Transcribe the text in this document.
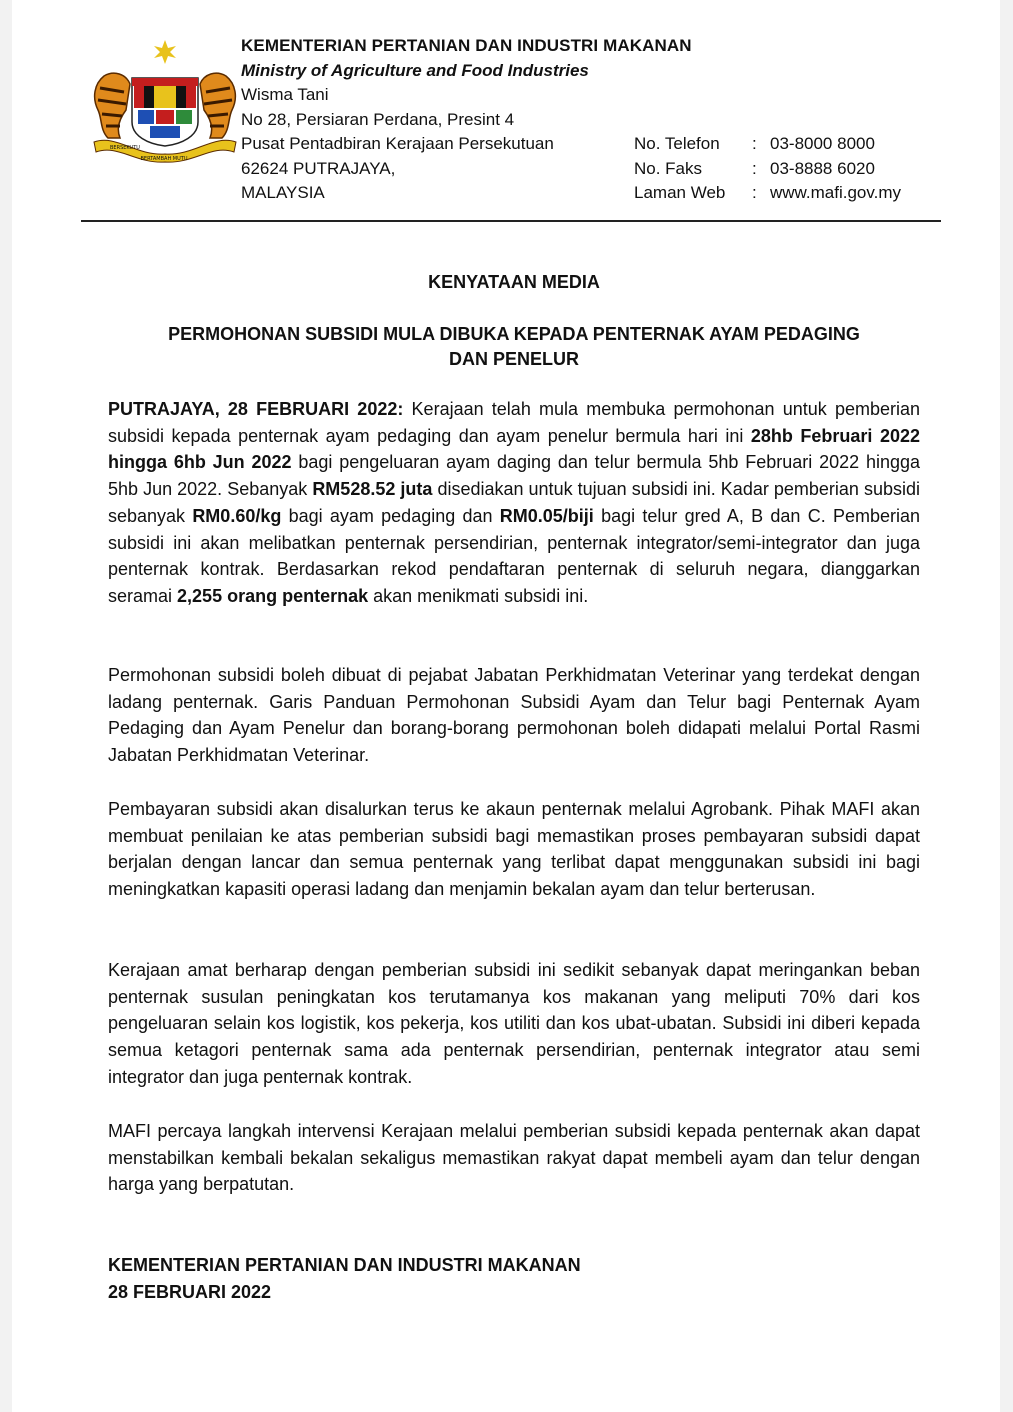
BERSEKUTU
BERTAMBAH MUTU
KEMENTERIAN PERTANIAN DAN INDUSTRI MAKANAN
Ministry of Agriculture and Food Industries
Wisma Tani
No 28, Persiaran Perdana, Presint 4
Pusat Pentadbiran Kerajaan Persekutuan
62624 PUTRAJAYA,
MALAYSIA
No. Telefon	: 03-8000 8000
No. Faks	: 03-8888 6020
Laman Web	: www.mafi.gov.my
KENYATAAN MEDIA
PERMOHONAN SUBSIDI MULA DIBUKA KEPADA PENTERNAK AYAM PEDAGING
DAN PENELUR

PUTRAJAYA, 28 FEBRUARI 2022: Kerajaan telah mula membuka permohonan untuk pemberian subsidi kepada penternak ayam pedaging dan ayam penelur bermula hari ini 28hb Februari 2022 hingga 6hb Jun 2022 bagi pengeluaran ayam daging dan telur bermula 5hb Februari 2022 hingga 5hb Jun 2022. Sebanyak RM528.52 juta disediakan untuk tujuan subsidi ini. Kadar pemberian subsidi sebanyak RM0.60/kg bagi ayam pedaging dan RM0.05/biji bagi telur gred A, B dan C. Pemberian subsidi ini akan melibatkan penternak persendirian, penternak integrator/semi-integrator dan juga penternak kontrak. Berdasarkan rekod pendaftaran penternak di seluruh negara, dianggarkan seramai 2,255 orang penternak akan menikmati subsidi ini.

Permohonan subsidi boleh dibuat di pejabat Jabatan Perkhidmatan Veterinar yang terdekat dengan ladang penternak. Garis Panduan Permohonan Subsidi Ayam dan Telur bagi Penternak Ayam Pedaging dan Ayam Penelur dan borang-borang permohonan boleh didapati melalui Portal Rasmi Jabatan Perkhidmatan Veterinar.

Pembayaran subsidi akan disalurkan terus ke akaun penternak melalui Agrobank. Pihak MAFI akan membuat penilaian ke atas pemberian subsidi bagi memastikan proses pembayaran subsidi dapat berjalan dengan lancar dan semua penternak yang terlibat dapat menggunakan subsidi ini bagi meningkatkan kapasiti operasi ladang dan menjamin bekalan ayam dan telur berterusan.

Kerajaan amat berharap dengan pemberian subsidi ini sedikit sebanyak dapat meringankan beban penternak susulan peningkatan kos terutamanya kos makanan yang meliputi 70% dari kos pengeluaran selain kos logistik, kos pekerja, kos utiliti dan kos ubat-ubatan. Subsidi ini diberi kepada semua ketagori penternak sama ada penternak persendirian, penternak integrator atau semi integrator dan juga penternak kontrak.

MAFI percaya langkah intervensi Kerajaan melalui pemberian subsidi kepada penternak akan dapat menstabilkan kembali bekalan sekaligus memastikan rakyat dapat membeli ayam dan telur dengan harga yang berpatutan.

KEMENTERIAN PERTANIAN DAN INDUSTRI MAKANAN
28 FEBRUARI 2022
